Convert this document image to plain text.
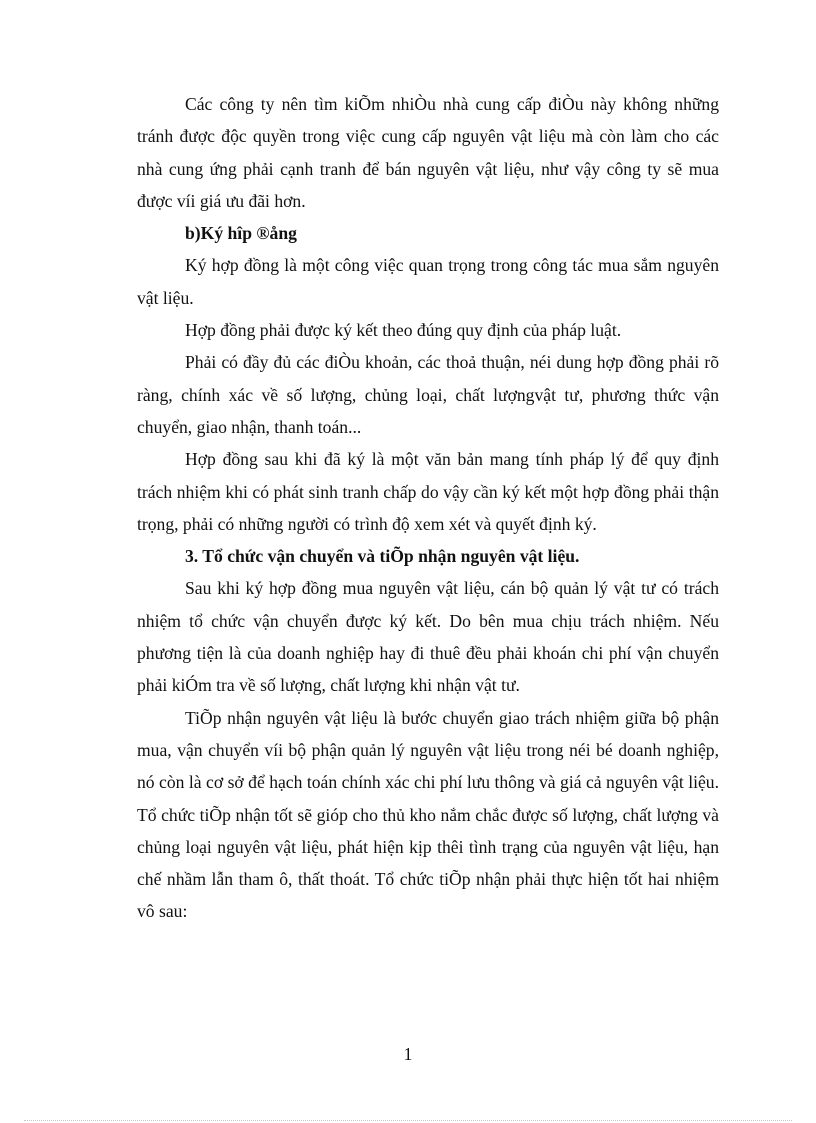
Các công ty nên tìm kiÕm nhiÒu nhà cung cấp điÒu này không những tránh được độc quyền trong việc cung cấp nguyên vật liệu mà còn làm cho các nhà cung ứng phải cạnh tranh để bán nguyên vật liệu, như vậy công ty sẽ mua được víi giá ưu đãi hơn.

b)Ký hîp ®ång

Ký hợp đồng là một công việc quan trọng trong công tác mua sắm nguyên vật liệu.

Hợp đồng phải được ký kết theo đúng quy định của pháp luật.

Phải có đầy đủ các điÒu khoản, các thoả thuận, néi dung hợp đồng phải rõ ràng, chính xác về số lượng, chủng loại, chất lượngvật tư, phương thức vận chuyển, giao nhận, thanh toán...

Hợp đồng sau khi đã ký là một văn bản mang tính pháp lý để quy định trách nhiệm khi có phát sinh tranh chấp do vậy cần ký kết một hợp đồng phải thận trọng, phải có những người có trình độ xem xét và quyết định ký.

3. Tổ chức vận chuyển và tiÕp nhận nguyên vật liệu.

Sau khi ký hợp đồng mua nguyên vật liệu, cán bộ quản lý vật tư có trách nhiệm tổ chức vận chuyển được ký kết. Do bên mua chịu trách nhiệm. Nếu phương tiện là của doanh nghiệp hay đi thuê đều phải khoán chi phí vận chuyển phải kiÓm tra về số lượng, chất lượng khi nhận vật tư.

TiÕp nhận nguyên vật liệu là bước chuyển giao trách nhiệm giữa bộ phận mua, vận chuyển víi bộ phận quản lý nguyên vật liệu trong néi bé doanh nghiệp, nó còn là cơ sở để hạch toán chính xác chi phí lưu thông và giá cả nguyên vật liệu. Tổ chức tiÕp nhận tốt sẽ gióp cho thủ kho nắm chắc được số lượng, chất lượng và chủng loại nguyên vật liệu, phát hiện kịp thêi tình trạng của nguyên vật liệu, hạn chế nhầm lẫn tham ô, thất thoát. Tổ chức tiÕp nhận phải thực hiện tốt hai nhiệm vô sau:

1
